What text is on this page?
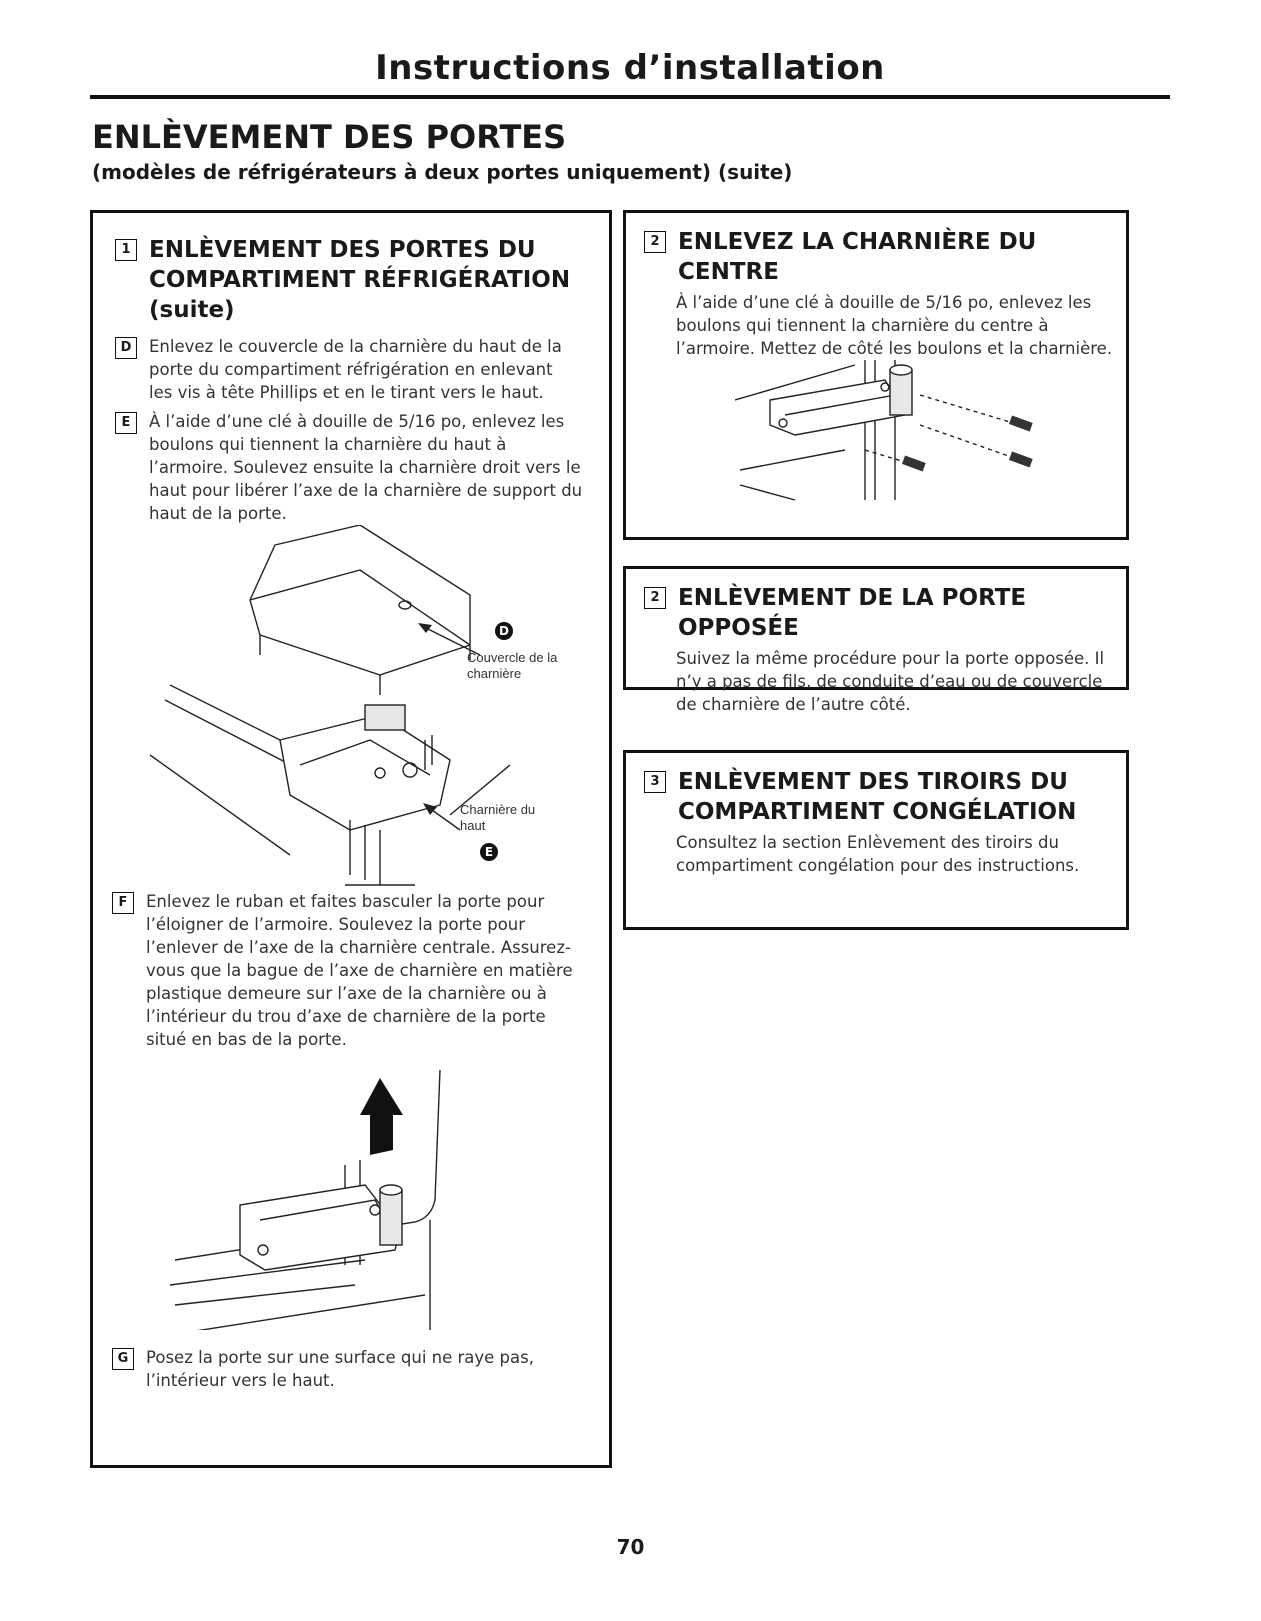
Instructions d’installation
ENLÈVEMENT DES PORTES
(modèles de réfrigérateurs à deux portes uniquement) (suite)
1 ENLÈVEMENT DES PORTES DU
COMPARTIMENT RÉFRIGÉRATION (suite)
D	Enlevez le couvercle de la charnière du haut de la porte du compartiment réfrigération en enlevant les vis à tête Phillips et en le tirant vers le haut.
E	À l’aide d’une clé à douille de 5/16 po, enlevez les boulons qui tiennent la charnière du haut à l’armoire. Soulevez ensuite la charnière droit vers le haut pour libérer l’axe de la charnière de support du haut de la porte.
D
Couvercle de la
charnière
E
Charnière du
haut
F	Enlevez le ruban et faites basculer la porte pour l’éloigner de l’armoire. Soulevez la porte pour l’enlever de l’axe de la charnière centrale. Assurez-vous que la bague de l’axe de charnière en matière plastique demeure sur l’axe de la charnière ou à l’intérieur du trou d’axe de charnière de la porte situé en bas de la porte.
G	Posez la porte sur une surface qui ne raye pas, l’intérieur vers le haut.
2 ENLEVEZ LA CHARNIÈRE DU CENTRE
À l’aide d’une clé à douille de 5/16 po, enlevez les boulons qui tiennent la charnière du centre à l’armoire. Mettez de côté les boulons et la charnière.
2 ENLÈVEMENT DE LA PORTE OPPOSÉE
Suivez la même procédure pour la porte opposée. Il n’y a pas de fils, de conduite d’eau ou de couvercle de charnière de l’autre côté.
3 ENLÈVEMENT DES TIROIRS DU
COMPARTIMENT CONGÉLATION
Consultez la section Enlèvement des tiroirs du compartiment congélation pour des instructions.
70
